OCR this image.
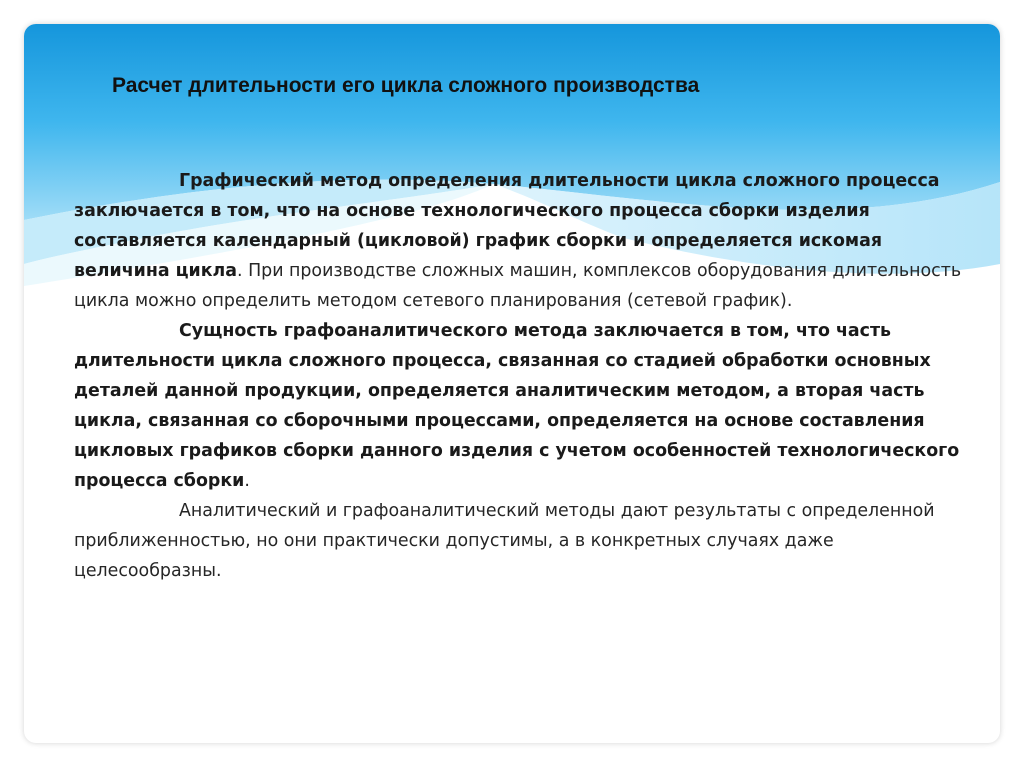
Расчет длительности его цикла сложного производства

Графический метод определения длительности цикла сложного процесса заключается в том, что на основе технологического процесса сборки изделия составляется календарный (цикловой) график сборки и определяется искомая величина цикла. При производстве сложных машин, комплексов оборудования длительность цикла можно определить методом сетевого планирования (сетевой график).

Сущность графоаналитического метода заключается в том, что часть длительности цикла сложного процесса, связанная со стадией обработки основных деталей данной продукции, определяется аналитическим методом, а вторая часть цикла, связанная со сборочными процессами, определяется на основе составления цикловых графиков сборки данного изделия с учетом особенностей технологического процесса сборки.

Аналитический и графоаналитический методы дают результаты с определенной приближенностью, но они практически допустимы, а в конкретных случаях даже целесообразны.
